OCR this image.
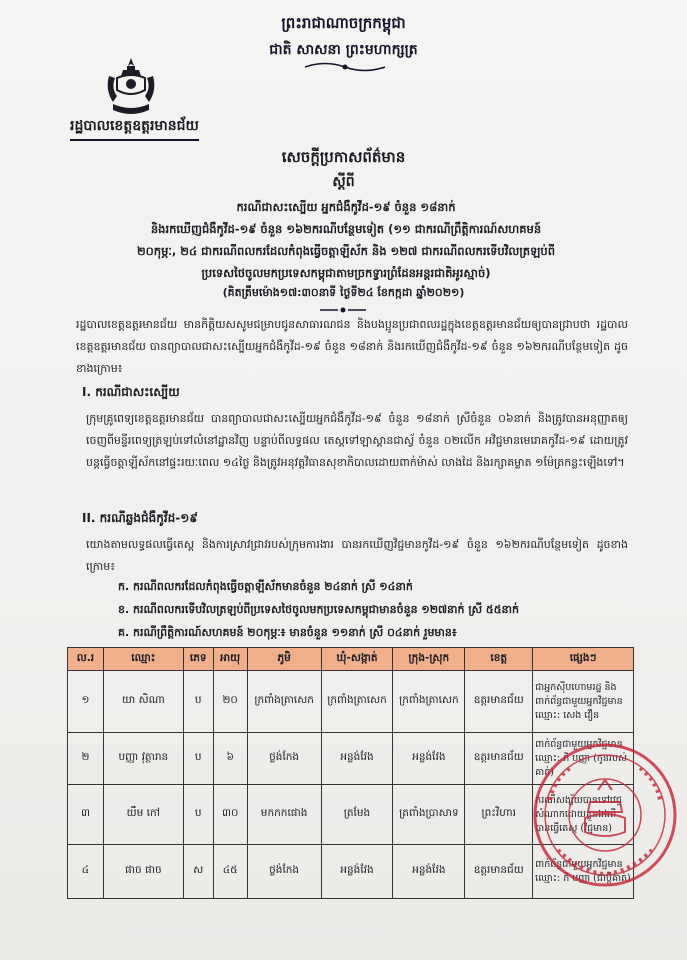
ព្រះរាជាណាចក្រកម្ពុជា
ជាតិ សាសនា ព្រះមហាក្សត្រ
រដ្ឋបាលខេត្តឧត្តរមានជ័យ
សេចក្តីប្រកាសព័ត៌មាន
ស្តីពី
ករណីជាសះស្បើយ អ្នកជំងឺកូវីដ-១៩ ចំនួន ១៨នាក់
និងរកឃើញជំងឺកូវីដ-១៩ ចំនួន ១៦២ករណីបន្ថែមទៀត (១១ ជាករណីព្រឹត្តិការណ៍សហគមន៍
២០កុម្ភៈ, ២៤ ជាករណីពលករដែលកំពុងធ្វើចត្តាឡីស័ក និង ១២៧ ជាករណីពលករទើបវិលត្រឡប់ពី
ប្រទេសថៃចូលមកប្រទេសកម្ពុជាតាមច្រកទ្វារព្រំដែនអន្តរជាតិអូរស្មាច់)
(គិតត្រឹមម៉ោង១៧:៣០នាទី ថ្ងៃទី២៤ ខែកក្កដា ឆ្នាំ២០២១)
រដ្ឋបាលខេត្តឧត្តរមានជ័យ មានកិត្តិយសសូមជម្រាបជូនសាធារណជន និងបងប្អូនប្រជាពលរដ្ឋក្នុងខេត្តឧត្តរមានជ័យឲ្យបានជ្រាបថា រដ្ឋបាលខេត្តឧត្តរមានជ័យ បានព្យាបាលជាសះស្បើយអ្នកជំងឺកូវីដ-១៩ ចំនួន ១៨នាក់ និងរកឃើញជំងឺកូវីដ-១៩ ចំនួន ១៦២ករណីបន្ថែមទៀត ដូចខាងក្រោម៖
I. ករណីជាសះស្បើយ
ក្រុមគ្រូពេទ្យខេត្តឧត្តរមានជ័យ បានព្យាបាលជាសះស្បើយអ្នកជំងឺកូវីដ-១៩ ចំនួន ១៨នាក់ ស្រីចំនួន ០៦នាក់ និងត្រូវបានអនុញ្ញាតឲ្យចេញពីមន្ទីរពេទ្យត្រឡប់ទៅលំនៅដ្ឋានវិញ បន្ទាប់ពីលទ្ធផល តេស្តទៅឡាស្តានជាស្វ័ ចំនួន ០២លើក អវិជ្ជមានមេរោគកូវីដ-១៩ ដោយត្រូវបន្តធ្វើចត្តាឡីស័កនៅផ្ទះរយៈពេល ១៤ថ្ងៃ និងត្រូវអនុវត្តវិធានសុខាភិបាលដោយពាក់ម៉ាស់ លាងដៃ និងរក្សាគម្លាត ១ម៉ែត្រកន្លះឡើងទៅ។
II. ករណីឆ្លងជំងឺកូវីដ-១៩
យោងតាមលទ្ធផលធ្វើតេស្ត និងការស្រាវជ្រាវរបស់ក្រុមការងារ បានរកឃើញវិជ្ជមានកូវីដ-១៩ ចំនួន ១៦២ករណីបន្ថែមទៀត ដូចខាងក្រោម៖
ក. ករណីពលករដែលកំពុងធ្វើចត្តាឡីស័កមានចំនួន ២៤នាក់ ស្រី ១៤នាក់
ខ. ករណីពលករទើបវិលត្រឡប់ពីប្រទេសថៃចូលមកប្រទេសកម្ពុជាមានចំនួន ១២៧នាក់ ស្រី ៥៥នាក់
គ. ករណីព្រឹត្តិការណ៍សហគមន៍ ២០កុម្ភៈ៖ មានចំនួន ១១នាក់ ស្រី ០៤នាក់ រួមមាន៖
ល.រ	ឈ្មោះ	ភេទ	អាយុ	ភូមិ	ឃុំ-សង្កាត់	ក្រុង-ស្រុក	ខេត្ត	ផ្សេងៗ
១	យា សិណា	ប	២០	ក្រពាំងត្រាសេក	ក្រពាំងត្រាសេក	ក្រពាំងត្រាសេក	ឧត្តរមានជ័យ	ជាអ្នកស៊ីបហោមរដ្ឋ និងពាក់ព័ន្ធជាមួយអ្នកវិជ្ជមានឈ្មោះ: សេង វឿន
២	បញ្ញា វុត្ថារាន	ប	៦	ថ្លង់កែង	អន្លង់វែង	អន្លង់វែង	ឧត្តរមានជ័យ	ពាក់ព័ន្ធជាមួយអ្នកវិជ្ជមានឈ្មោះ: ភិ បញ្ញា (កូនរបស់គាត់)
៣	យឹម កៅ	ប	៣០	មកកកផោង	ត្រមែង	ត្រពាំងប្រាសាទ	ព្រះវិហារ	ករណីសង្ស័យបានទៅវេជ្ជសំណាកដោយខ្លួនឯងពីបានធ្វើតេស្ត (វិជ្ជមាន)
៤	ផាច ផាច	ស	៤៥	ថ្លង់កែង	អន្លង់វែង	អន្លង់វែង	ឧត្តរមានជ័យ	ពាក់ព័ន្ធជាមួយអ្នកវិជ្ជមានឈ្មោះ: ភិ បញ្ញា (ជាប្តីគាត់)
